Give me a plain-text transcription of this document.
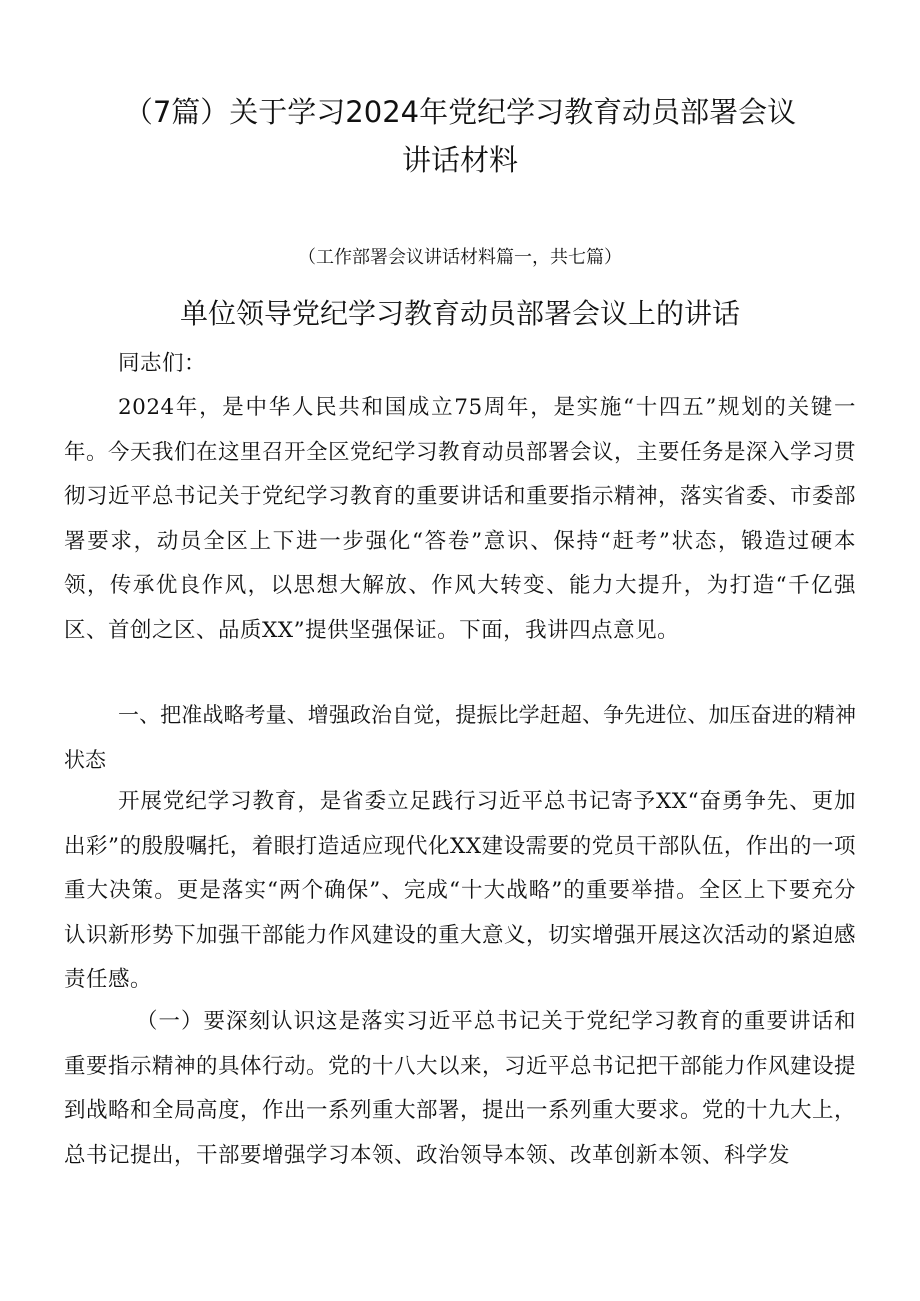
（7篇）关于学习2024年党纪学习教育动员部署会议
讲话材料

（工作部署会议讲话材料篇一，共七篇）

单位领导党纪学习教育动员部署会议上的讲话

同志们：

2024年，是中华人民共和国成立75周年，是实施“十四五”规划的关键一年。今天我们在这里召开全区党纪学习教育动员部署会议，主要任务是深入学习贯彻习近平总书记关于党纪学习教育的重要讲话和重要指示精神，落实省委、市委部署要求，动员全区上下进一步强化“答卷”意识、保持“赶考”状态，锻造过硬本领，传承优良作风，以思想大解放、作风大转变、能力大提升，为打造“千亿强区、首创之区、品质XX”提供坚强保证。下面，我讲四点意见。

一、把准战略考量、增强政治自觉，提振比学赶超、争先进位、加压奋进的精神状态

开展党纪学习教育，是省委立足践行习近平总书记寄予XX“奋勇争先、更加出彩”的殷殷嘱托，着眼打造适应现代化XX建设需要的党员干部队伍，作出的一项重大决策。更是落实“两个确保”、完成“十大战略”的重要举措。全区上下要充分认识新形势下加强干部能力作风建设的重大意义，切实增强开展这次活动的紧迫感责任感。

（一）要深刻认识这是落实习近平总书记关于党纪学习教育的重要讲话和重要指示精神的具体行动。党的十八大以来，习近平总书记把干部能力作风建设提到战略和全局高度，作出一系列重大部署，提出一系列重大要求。党的十九大上，总书记提出，干部要增强学习本领、政治领导本领、改革创新本领、科学发
